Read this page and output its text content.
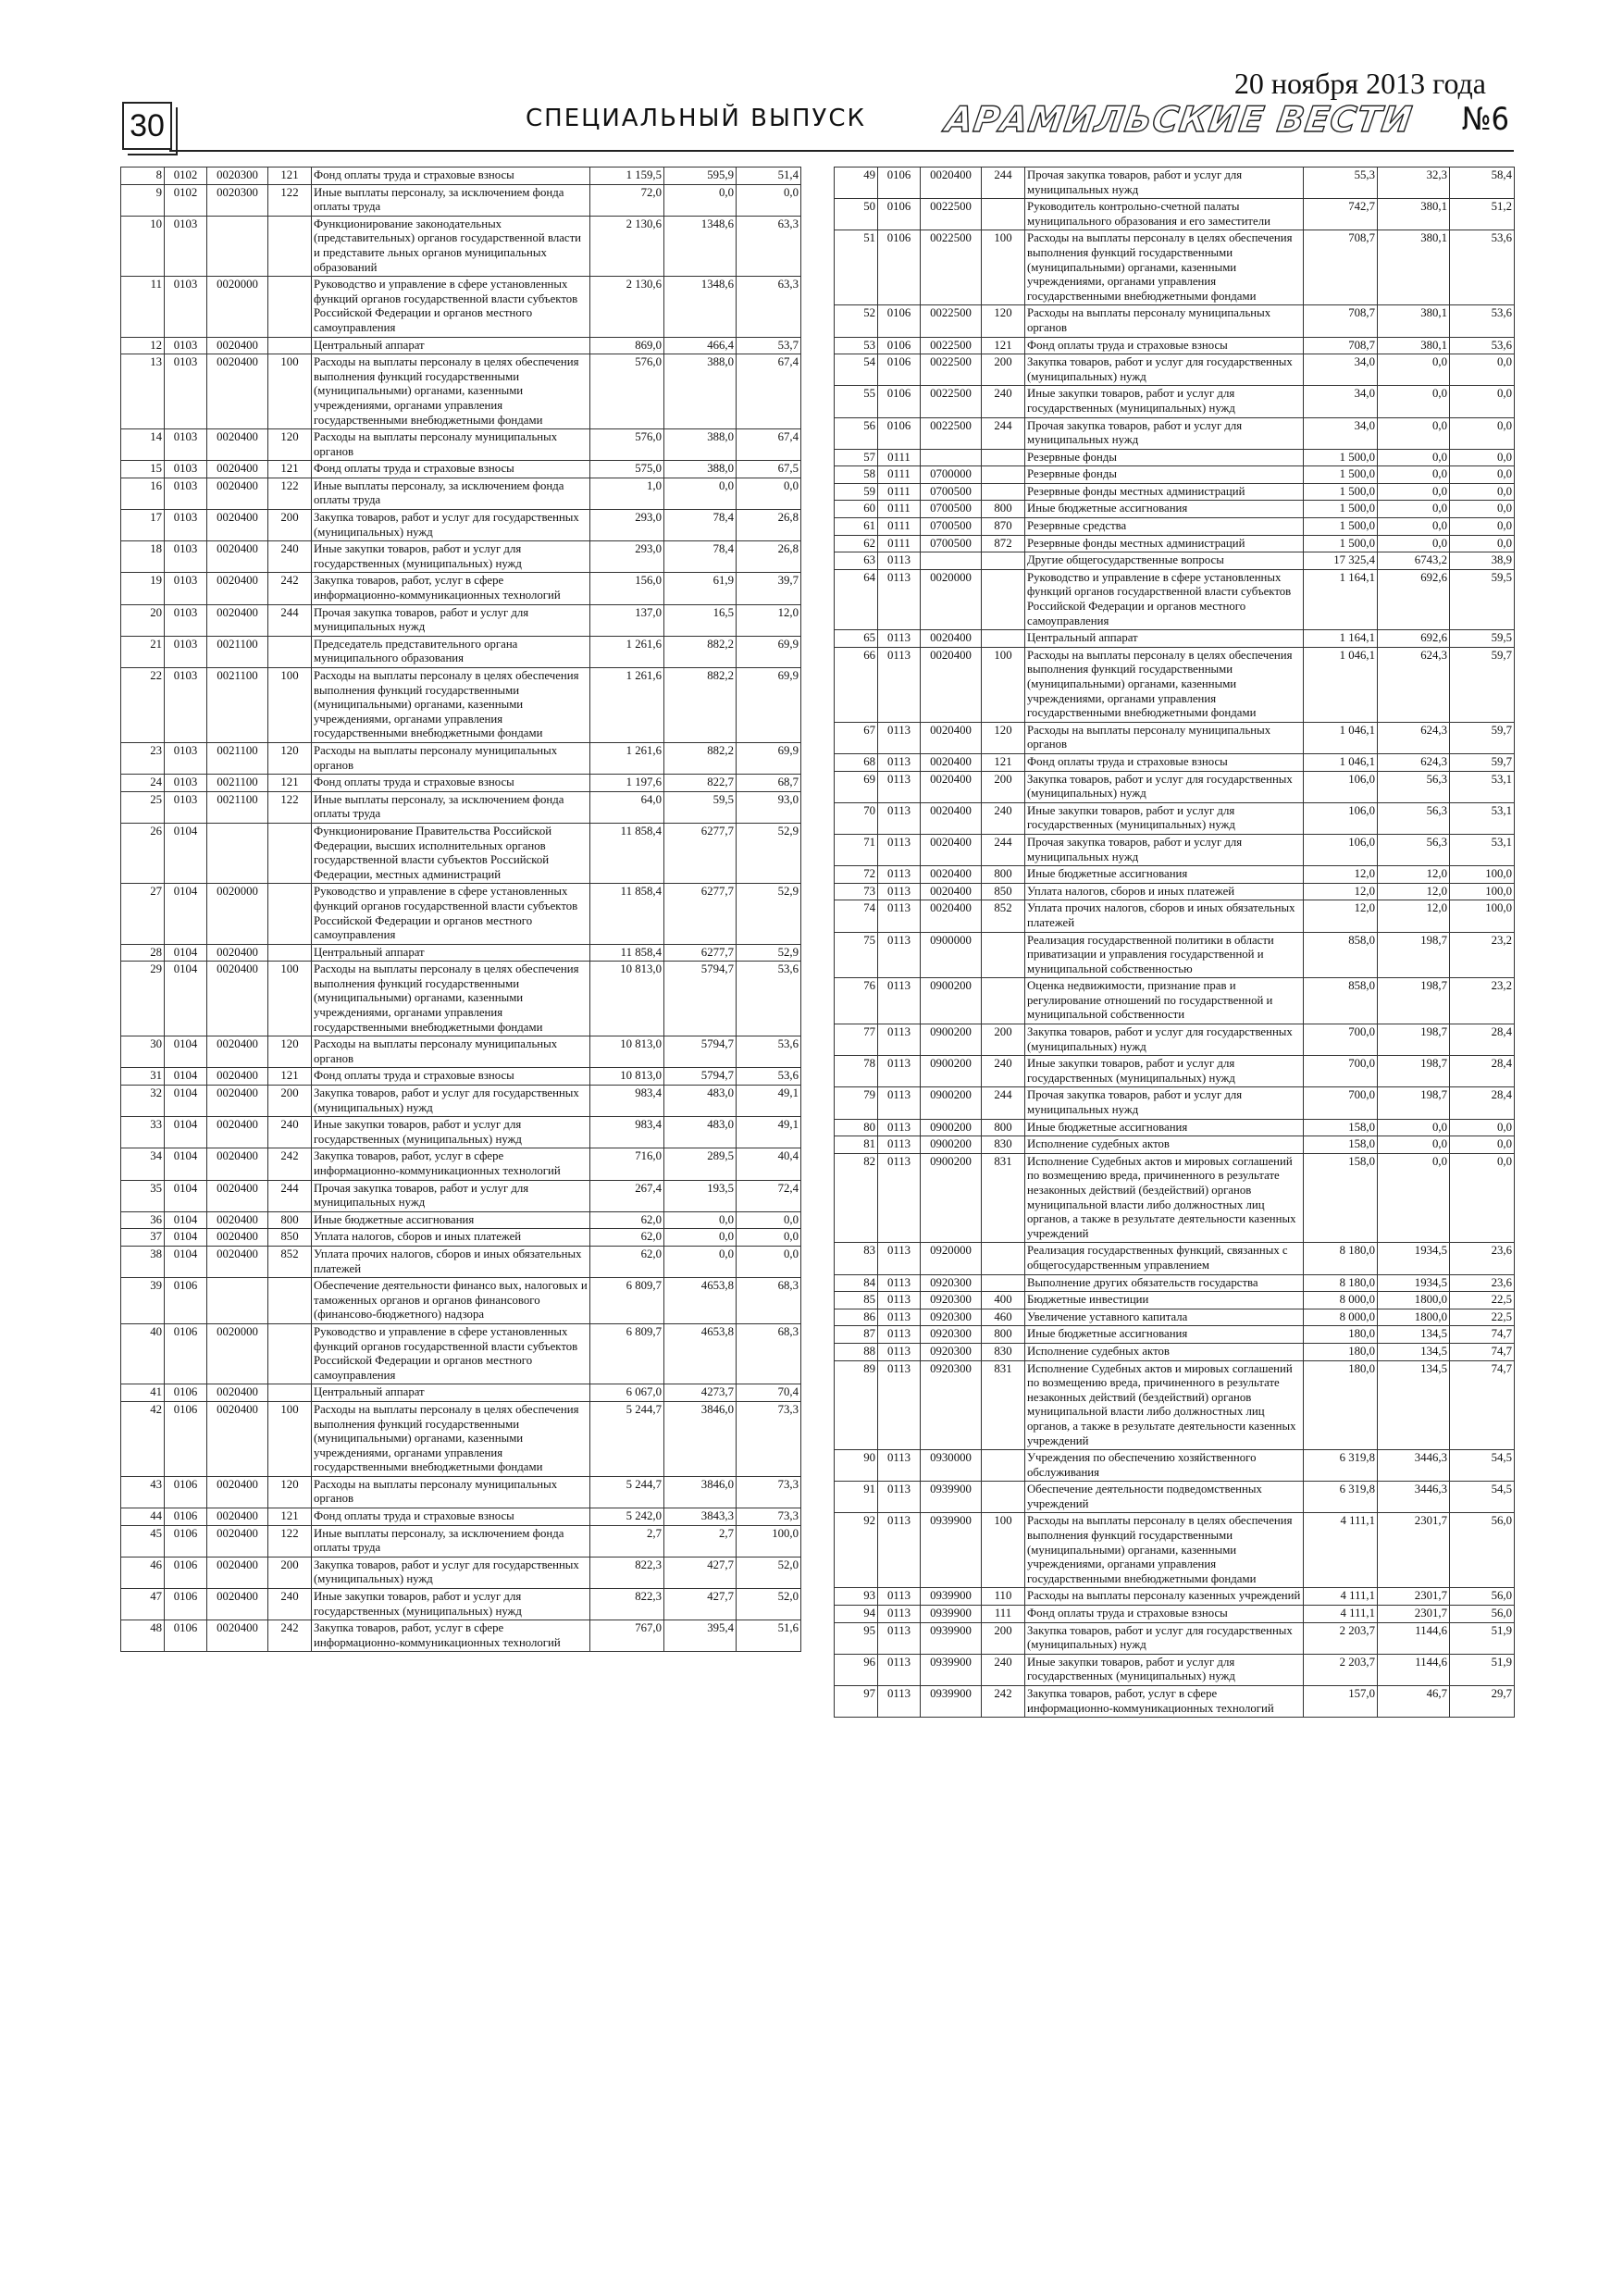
30	СПЕЦИАЛЬНЫЙ ВЫПУСК
20 ноября 2013 года
АРАМИЛЬСКИЕ ВЕСТИ №6
8	0102	0020300	121	Фонд оплаты труда и страховые взносы	1 159,5	595,9	51,4
9	0102	0020300	122	Иные выплаты персоналу, за исключением фонда оплаты труда	72,0	0,0	0,0
10	0103			Функционирование законодательных (представительных) органов государственной власти и представите льных органов муниципальных образований	2 130,6	1348,6	63,3
11	0103	0020000		Руководство и управление в сфере установленных функций органов государственной власти субъектов Российской Федерации и органов местного самоуправления	2 130,6	1348,6	63,3
12	0103	0020400		Центральный аппарат	869,0	466,4	53,7
13	0103	0020400	100	Расходы на выплаты персоналу в целях обеспечения выполнения функций государственными (муниципальными) органами, казенными учреждениями, органами управления государственными внебюджетными фондами	576,0	388,0	67,4
14	0103	0020400	120	Расходы на выплаты персоналу муниципальных органов	576,0	388,0	67,4
15	0103	0020400	121	Фонд оплаты труда и страховые взносы	575,0	388,0	67,5
16	0103	0020400	122	Иные выплаты персоналу, за исключением фонда оплаты труда	1,0	0,0	0,0
17	0103	0020400	200	Закупка товаров, работ и услуг для государственных (муниципальных) нужд	293,0	78,4	26,8
18	0103	0020400	240	Иные закупки товаров, работ и услуг для государственных (муниципальных) нужд	293,0	78,4	26,8
19	0103	0020400	242	Закупка товаров, работ, услуг в сфере информационно-коммуникационных технологий	156,0	61,9	39,7
20	0103	0020400	244	Прочая закупка товаров, работ и услуг для муниципальных нужд	137,0	16,5	12,0
21	0103	0021100		Председатель представительного органа муниципального образования	1 261,6	882,2	69,9
22	0103	0021100	100	Расходы на выплаты персоналу в целях обеспечения выполнения функций государственными (муниципальными) органами, казенными учреждениями, органами управления государственными внебюджетными фондами	1 261,6	882,2	69,9
23	0103	0021100	120	Расходы на выплаты персоналу муниципальных органов	1 261,6	882,2	69,9
24	0103	0021100	121	Фонд оплаты труда и страховые взносы	1 197,6	822,7	68,7
25	0103	0021100	122	Иные выплаты персоналу, за исключением фонда оплаты труда	64,0	59,5	93,0
26	0104			Функционирование Правительства Российской Федерации, высших исполнительных органов государственной власти субъектов Российской Федерации, местных администраций	11 858,4	6277,7	52,9
27	0104	0020000		Руководство и управление в сфере установленных функций органов государственной власти субъектов Российской Федерации и органов местного самоуправления	11 858,4	6277,7	52,9
28	0104	0020400		Центральный аппарат	11 858,4	6277,7	52,9
29	0104	0020400	100	Расходы на выплаты персоналу в целях обеспечения выполнения функций государственными (муниципальными) органами, казенными учреждениями, органами управления государственными внебюджетными фондами	10 813,0	5794,7	53,6
30	0104	0020400	120	Расходы на выплаты персоналу муниципальных органов	10 813,0	5794,7	53,6
31	0104	0020400	121	Фонд оплаты труда и страховые взносы	10 813,0	5794,7	53,6
32	0104	0020400	200	Закупка товаров, работ и услуг для государственных (муниципальных) нужд	983,4	483,0	49,1
33	0104	0020400	240	Иные закупки товаров, работ и услуг для государственных (муниципальных) нужд	983,4	483,0	49,1
34	0104	0020400	242	Закупка товаров, работ, услуг в сфере информационно-коммуникационных технологий	716,0	289,5	40,4
35	0104	0020400	244	Прочая закупка товаров, работ и услуг для муниципальных нужд	267,4	193,5	72,4
36	0104	0020400	800	Иные бюджетные ассигнования	62,0	0,0	0,0
37	0104	0020400	850	Уплата налогов, сборов и иных платежей	62,0	0,0	0,0
38	0104	0020400	852	Уплата прочих налогов, сборов и иных обязательных платежей	62,0	0,0	0,0
39	0106			Обеспечение деятельности финансо вых, налоговых и таможенных органов и органов финансового (финансово-бюджетного) надзора	6 809,7	4653,8	68,3
40	0106	0020000		Руководство и управление в сфере установленных функций органов государственной власти субъектов Российской Федерации и органов местного самоуправления	6 809,7	4653,8	68,3
41	0106	0020400		Центральный аппарат	6 067,0	4273,7	70,4
42	0106	0020400	100	Расходы на выплаты персоналу в целях обеспечения выполнения функций государственными (муниципальными) органами, казенными учреждениями, органами управления государственными внебюджетными фондами	5 244,7	3846,0	73,3
43	0106	0020400	120	Расходы на выплаты персоналу муниципальных органов	5 244,7	3846,0	73,3
44	0106	0020400	121	Фонд оплаты труда и страховые взносы	5 242,0	3843,3	73,3
45	0106	0020400	122	Иные выплаты персоналу, за исключением фонда оплаты труда	2,7	2,7	100,0
46	0106	0020400	200	Закупка товаров, работ и услуг для государственных (муниципальных) нужд	822,3	427,7	52,0
47	0106	0020400	240	Иные закупки товаров, работ и услуг для государственных (муниципальных) нужд	822,3	427,7	52,0
48	0106	0020400	242	Закупка товаров, работ, услуг в сфере информационно-коммуникационных технологий	767,0	395,4	51,6
49	0106	0020400	244	Прочая закупка товаров, работ и услуг для муниципальных нужд	55,3	32,3	58,4
50	0106	0022500		Руководитель контрольно-счетной палаты муниципального образования и его заместители	742,7	380,1	51,2
51	0106	0022500	100	Расходы на выплаты персоналу в целях обеспечения выполнения функций государственными (муниципальными) органами, казенными учреждениями, органами управления государственными внебюджетными фондами	708,7	380,1	53,6
52	0106	0022500	120	Расходы на выплаты персоналу муниципальных органов	708,7	380,1	53,6
53	0106	0022500	121	Фонд оплаты труда и страховые взносы	708,7	380,1	53,6
54	0106	0022500	200	Закупка товаров, работ и услуг для государственных (муниципальных) нужд	34,0	0,0	0,0
55	0106	0022500	240	Иные закупки товаров, работ и услуг для государственных (муниципальных) нужд	34,0	0,0	0,0
56	0106	0022500	244	Прочая закупка товаров, работ и услуг для муниципальных нужд	34,0	0,0	0,0
57	0111			Резервные фонды	1 500,0	0,0	0,0
58	0111	0700000		Резервные фонды	1 500,0	0,0	0,0
59	0111	0700500		Резервные фонды местных администраций	1 500,0	0,0	0,0
60	0111	0700500	800	Иные бюджетные ассигнования	1 500,0	0,0	0,0
61	0111	0700500	870	Резервные средства	1 500,0	0,0	0,0
62	0111	0700500	872	Резервные фонды местных администраций	1 500,0	0,0	0,0
63	0113			Другие общегосударственные вопросы	17 325,4	6743,2	38,9
64	0113	0020000		Руководство и управление в сфере установленных функций органов государственной власти субъектов Российской Федерации и органов местного самоуправления	1 164,1	692,6	59,5
65	0113	0020400		Центральный аппарат	1 164,1	692,6	59,5
66	0113	0020400	100	Расходы на выплаты персоналу в целях обеспечения выполнения функций государственными (муниципальными) органами, казенными учреждениями, органами управления государственными внебюджетными фондами	1 046,1	624,3	59,7
67	0113	0020400	120	Расходы на выплаты персоналу муниципальных органов	1 046,1	624,3	59,7
68	0113	0020400	121	Фонд оплаты труда и страховые взносы	1 046,1	624,3	59,7
69	0113	0020400	200	Закупка товаров, работ и услуг для государственных (муниципальных) нужд	106,0	56,3	53,1
70	0113	0020400	240	Иные закупки товаров, работ и услуг для государственных (муниципальных) нужд	106,0	56,3	53,1
71	0113	0020400	244	Прочая закупка товаров, работ и услуг для муниципальных нужд	106,0	56,3	53,1
72	0113	0020400	800	Иные бюджетные ассигнования	12,0	12,0	100,0
73	0113	0020400	850	Уплата налогов, сборов и иных платежей	12,0	12,0	100,0
74	0113	0020400	852	Уплата прочих налогов, сборов и иных обязательных платежей	12,0	12,0	100,0
75	0113	0900000		Реализация государственной политики в области приватизации и управления государственной и муниципальной собственностью	858,0	198,7	23,2
76	0113	0900200		Оценка недвижимости, признание прав и регулирование отношений по государственной и муниципальной собственности	858,0	198,7	23,2
77	0113	0900200	200	Закупка товаров, работ и услуг для государственных (муниципальных) нужд	700,0	198,7	28,4
78	0113	0900200	240	Иные закупки товаров, работ и услуг для государственных (муниципальных) нужд	700,0	198,7	28,4
79	0113	0900200	244	Прочая закупка товаров, работ и услуг для муниципальных нужд	700,0	198,7	28,4
80	0113	0900200	800	Иные бюджетные ассигнования	158,0	0,0	0,0
81	0113	0900200	830	Исполнение судебных актов	158,0	0,0	0,0
82	0113	0900200	831	Исполнение Судебных актов и мировых соглашений по возмещению вреда, причиненного в результате незаконных действий (бездействий) органов муниципальной власти либо должностных лиц органов, а также в результате деятельности казенных учреждений	158,0	0,0	0,0
83	0113	0920000		Реализация государственных функций, связанных с общегосударственным управлением	8 180,0	1934,5	23,6
84	0113	0920300		Выполнение других обязательств государства	8 180,0	1934,5	23,6
85	0113	0920300	400	Бюджетные инвестиции	8 000,0	1800,0	22,5
86	0113	0920300	460	Увеличение уставного капитала	8 000,0	1800,0	22,5
87	0113	0920300	800	Иные бюджетные ассигнования	180,0	134,5	74,7
88	0113	0920300	830	Исполнение судебных актов	180,0	134,5	74,7
89	0113	0920300	831	Исполнение Судебных актов и мировых соглашений по возмещению вреда, причиненного в результате незаконных действий (бездействий) органов муниципальной власти либо должностных лиц органов, а также в результате деятельности казенных учреждений	180,0	134,5	74,7
90	0113	0930000		Учреждения по обеспечению хозяйственного обслуживания	6 319,8	3446,3	54,5
91	0113	0939900		Обеспечение деятельности подведомственных учреждений	6 319,8	3446,3	54,5
92	0113	0939900	100	Расходы на выплаты персоналу в целях обеспечения выполнения функций государственными (муниципальными) органами, казенными учреждениями, органами управления государственными внебюджетными фондами	4 111,1	2301,7	56,0
93	0113	0939900	110	Расходы на выплаты персоналу казенных учреждений	4 111,1	2301,7	56,0
94	0113	0939900	111	Фонд оплаты труда и страховые взносы	4 111,1	2301,7	56,0
95	0113	0939900	200	Закупка товаров, работ и услуг для государственных (муниципальных) нужд	2 203,7	1144,6	51,9
96	0113	0939900	240	Иные закупки товаров, работ и услуг для государственных (муниципальных) нужд	2 203,7	1144,6	51,9
97	0113	0939900	242	Закупка товаров, работ, услуг в сфере информационно-коммуникационных технологий	157,0	46,7	29,7
